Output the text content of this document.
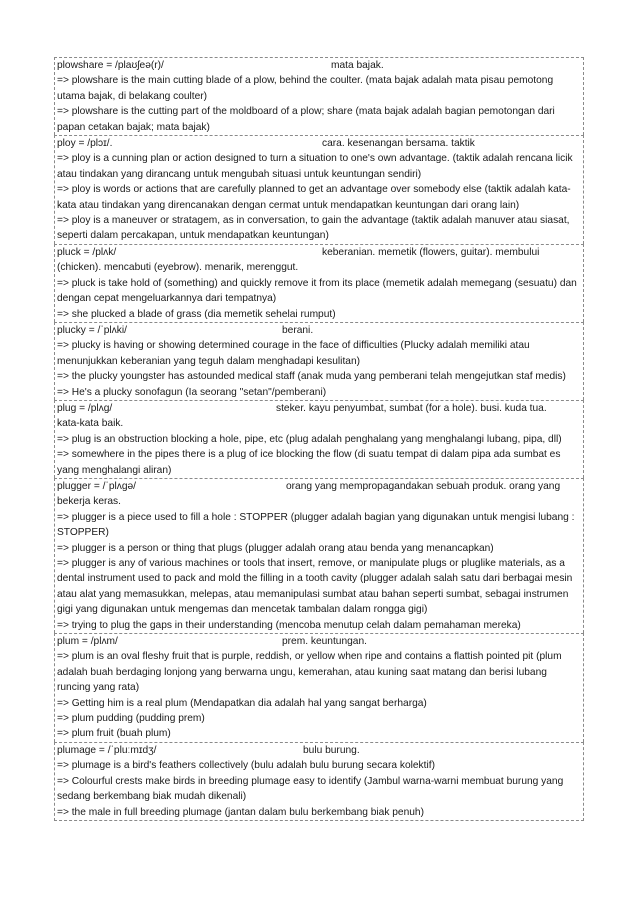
plowshare = /plaʊʃeə(r)/	mata bajak.
=> plowshare is the main cutting blade of a plow, behind the coulter. (mata bajak adalah mata pisau pemotong utama bajak, di belakang coulter)
=> plowshare is the cutting part of the moldboard of a plow; share (mata bajak adalah bagian pemotongan dari papan cetakan bajak; mata bajak)
ploy = /plɔɪ/.	cara. kesenangan bersama. taktik
=> ploy is a cunning plan or action designed to turn a situation to one's own advantage. (taktik adalah rencana licik atau tindakan yang dirancang untuk mengubah situasi untuk keuntungan sendiri)
=> ploy is words or actions that are carefully planned to get an advantage over somebody else (taktik adalah kata-kata atau tindakan yang direncanakan dengan cermat untuk mendapatkan keuntungan dari orang lain)
=> ploy is a maneuver or stratagem, as in conversation, to gain the advantage (taktik adalah manuver atau siasat, seperti dalam percakapan, untuk mendapatkan keuntungan)
pluck = /plʌk/	keberanian. memetik (flowers, guitar). membului
(chicken). mencabuti (eyebrow). menarik, merenggut.
=> pluck is take hold of (something) and quickly remove it from its place (memetik adalah memegang (sesuatu) dan dengan cepat mengeluarkannya dari tempatnya)
=> she plucked a blade of grass (dia memetik sehelai rumput)
plucky = /ˈplʌki/	berani.
=> plucky is having or showing determined courage in the face of difficulties (Plucky adalah memiliki atau menunjukkan keberanian yang teguh dalam menghadapi kesulitan)
=> the plucky youngster has astounded medical staff (anak muda yang pemberani telah mengejutkan staf medis)
=> He's a plucky sonofagun (Ia seorang "setan"/pemberani)
plug = /plʌg/	steker. kayu penyumbat, sumbat (for a hole). busi. kuda tua.
kata-kata baik.
=> plug is an obstruction blocking a hole, pipe, etc (plug adalah penghalang yang menghalangi lubang, pipa, dll)
=> somewhere in the pipes there is a plug of ice blocking the flow (di suatu tempat di dalam pipa ada sumbat es yang menghalangi aliran)
plugger = /ˈplʌgə/	orang yang mempropagandakan sebuah produk. orang yang
bekerja keras.
=> plugger is a piece used to fill a hole : STOPPER (plugger adalah bagian yang digunakan untuk mengisi lubang : STOPPER)
=> plugger is a person or thing that plugs (plugger adalah orang atau benda yang menancapkan)
=> plugger is any of various machines or tools that insert, remove, or manipulate plugs or pluglike materials, as a dental instrument used to pack and mold the filling in a tooth cavity (plugger adalah salah satu dari berbagai mesin atau alat yang memasukkan, melepas, atau memanipulasi sumbat atau bahan seperti sumbat, sebagai instrumen gigi yang digunakan untuk mengemas dan mencetak tambalan dalam rongga gigi)
=> trying to plug the gaps in their understanding (mencoba menutup celah dalam pemahaman mereka)
plum = /plʌm/	prem. keuntungan.
=> plum is an oval fleshy fruit that is purple, reddish, or yellow when ripe and contains a flattish pointed pit (plum adalah buah berdaging lonjong yang berwarna ungu, kemerahan, atau kuning saat matang dan berisi lubang runcing yang rata)
=> Getting him is a real plum (Mendapatkan dia adalah hal yang sangat berharga)
=> plum pudding (pudding prem)
=> plum fruit (buah plum)
plumage = /ˈpluːmɪdʒ/	bulu burung.
=> plumage is a bird's feathers collectively (bulu adalah bulu burung secara kolektif)
=> Colourful crests make birds in breeding plumage easy to identify (Jambul warna-warni membuat burung yang sedang berkembang biak mudah dikenali)
=> the male in full breeding plumage (jantan dalam bulu berkembang biak penuh)
